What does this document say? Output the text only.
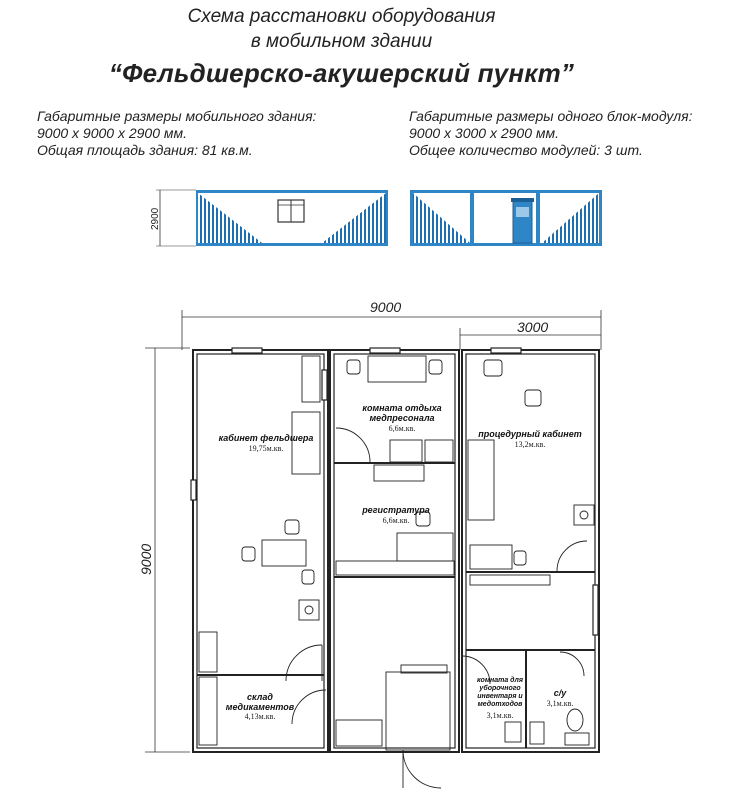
Схема расстановки оборудования
в мобильном здании
“Фельдшерско-акушерский пункт”
Габаритные размеры мобильного здания:
9000 х 9000 х 2900 мм.
Общая площадь здания: 81 кв.м.
Габаритные размеры одного блок-модуля:
9000 х 3000 х 2900 мм.
Общее количество модулей: 3 шт.
2900
9000
3000
9000
кабинет фельдшера
19,75м.кв.
комната отдыха медпресонала
6,6м.кв.
процедурный кабинет
13,2м.кв.
регистратура
6,6м.кв.
склад медикаментов
4,13м.кв.
комната для уборочного инвентаря и медотходов
3,1м.кв.
с/у
3,1м.кв.
